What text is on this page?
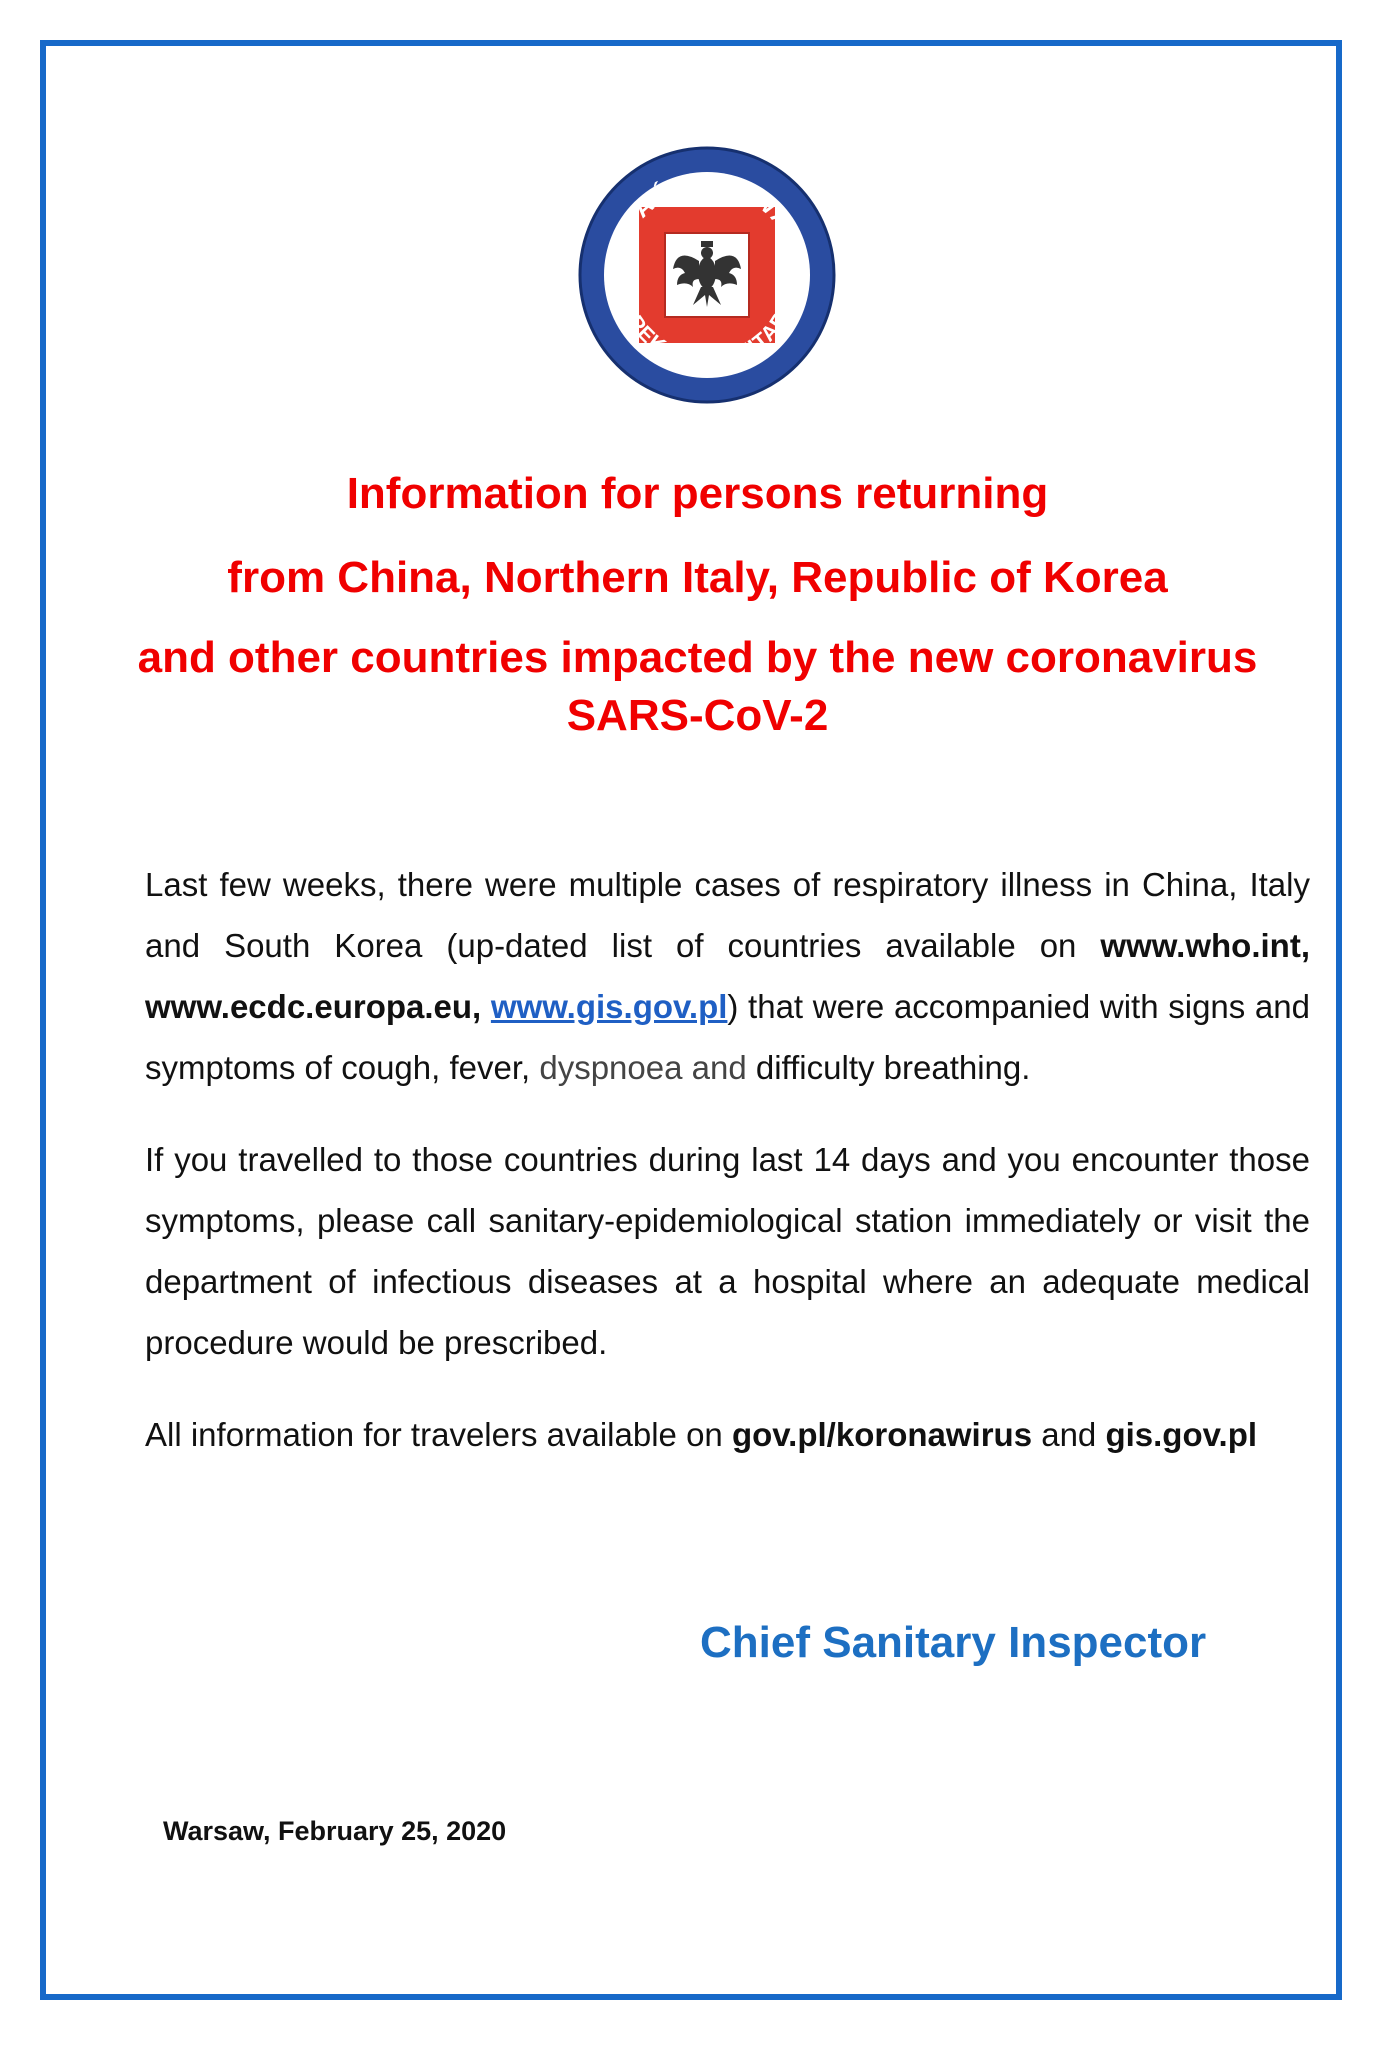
PAŃSTWOWA
INSPEKCJA SANITARNA
Information for persons returning
from China, Northern Italy, Republic of Korea
and other countries impacted by the new coronavirus
SARS-CoV-2

Last few weeks, there were multiple cases of respiratory illness in China, Italy and South Korea (up-dated list of countries available on www.who.int, www.ecdc.europa.eu, www.gis.gov.pl) that were accompanied with signs and symptoms of cough, fever, dyspnoea and difficulty breathing.

If you travelled to those countries during last 14 days and you encounter those symptoms, please call sanitary-epidemiological station immediately or visit the department of infectious diseases at a hospital where an adequate medical procedure would be prescribed.

All information for travelers available on gov.pl/koronawirus and gis.gov.pl

Chief Sanitary Inspector

Warsaw, February 25, 2020
